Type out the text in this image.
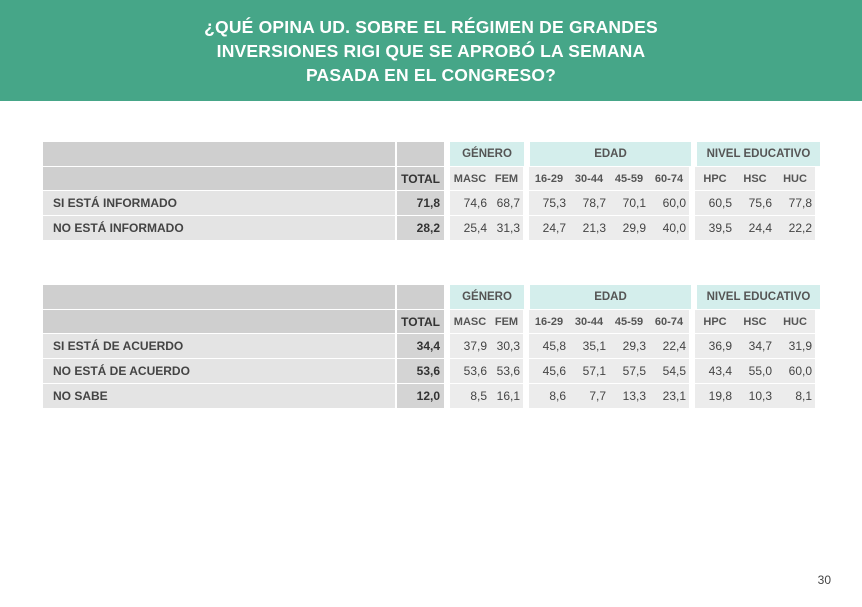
¿QUÉ OPINA UD. SOBRE EL RÉGIMEN DE GRANDES
INVERSIONES RIGI QUE SE APROBÓ LA SEMANA
PASADA EN EL CONGRESO?
GÉNERO	EDAD	NIVEL EDUCATIVO
TOTAL	MASC FEM	16-29	30-44	45-59	60-74	HPC	HSC	HUC
SI ESTÁ INFORMADO	71,8	74,6 68,7	75,3	78,7	70,1	60,0	60,5	75,6	77,8
NO ESTÁ INFORMADO	28,2	25,4 31,3	24,7	21,3	29,9	40,0	39,5	24,4	22,2
GÉNERO	EDAD	NIVEL EDUCATIVO
TOTAL	MASC FEM	16-29	30-44	45-59	60-74	HPC	HSC	HUC
SI ESTÁ DE ACUERDO	34,4	37,9 30,3	45,8	35,1	29,3	22,4	36,9	34,7	31,9
NO ESTÁ DE ACUERDO	53,6	53,6 53,6	45,6	57,1	57,5	54,5	43,4	55,0	60,0
NO SABE	12,0	8,5 16,1	8,6	7,7	13,3	23,1	19,8	10,3	8,1
30
